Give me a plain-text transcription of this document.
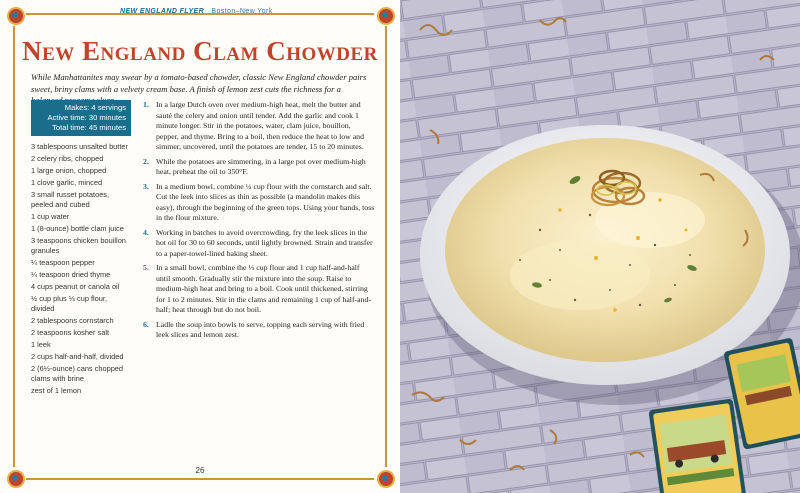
NEW ENGLAND FLYER Boston–New York
New England Clam Chowder
While Manhattanites may swear by a tomato-based chowder, classic New England chowder pairs sweet, briny clams with a velvety cream base. A finish of lemon zest cuts the richness for a
Makes: 4 servings
Active time: 30 minutes
Total time: 45 minutes
3 tablespoons unsalted butter
2 celery ribs, chopped
1 large onion, chopped
1 clove garlic, minced
3 small russet potatoes, peeled and cubed
1 cup water
1 (8-ounce) bottle clam juice
3 teaspoons chicken bouillon granules
¼ teaspoon pepper
¼ teaspoon dried thyme
4 cups peanut or canola oil
½ cup plus ⅓ cup flour, divided
2 tablespoons cornstarch
2 teaspoons kosher salt
1 leek
2 cups half-and-half, divided
2 (6½-ounce) cans chopped clams with brine
zest of 1 lemon
1. In a large Dutch oven over medium-high heat, melt the butter and sauté the celery and onion until tender. Add the garlic and cook 1 minute longer. Stir in the potatoes, water, clam juice, bouillon, pepper, and thyme. Bring to a boil, then reduce the heat to low and simmer, uncovered, until the potatoes are tender, 15 to 20 minutes.
2. While the potatoes are simmering, in a large pot over medium-high heat, preheat the oil to 350°F.
3. In a medium bowl, combine ½ cup flour with the cornstarch and salt. Cut the leek into slices as thin as possible (a mandolin makes this easy), through the beginning of the green tops. Using your hands, toss in the flour mixture.
4. Working in batches to avoid overcrowding, fry the leek slices in the hot oil for 30 to 60 seconds, until lightly browned. Strain and transfer to a paper-towel-lined baking sheet.
5. In a small bowl, combine the ⅓ cup flour and 1 cup half-and-half until smooth. Gradually stir the mixture into the soup. Raise to medium-high heat and bring to a boil. Cook until thickened, stirring for 1 to 2 minutes. Stir in the clams and remaining 1 cup of half-and-half; heat through but do not boil.
6. Ladle the soup into bowls to serve, topping each serving with fried leek slices and lemon zest.
26
